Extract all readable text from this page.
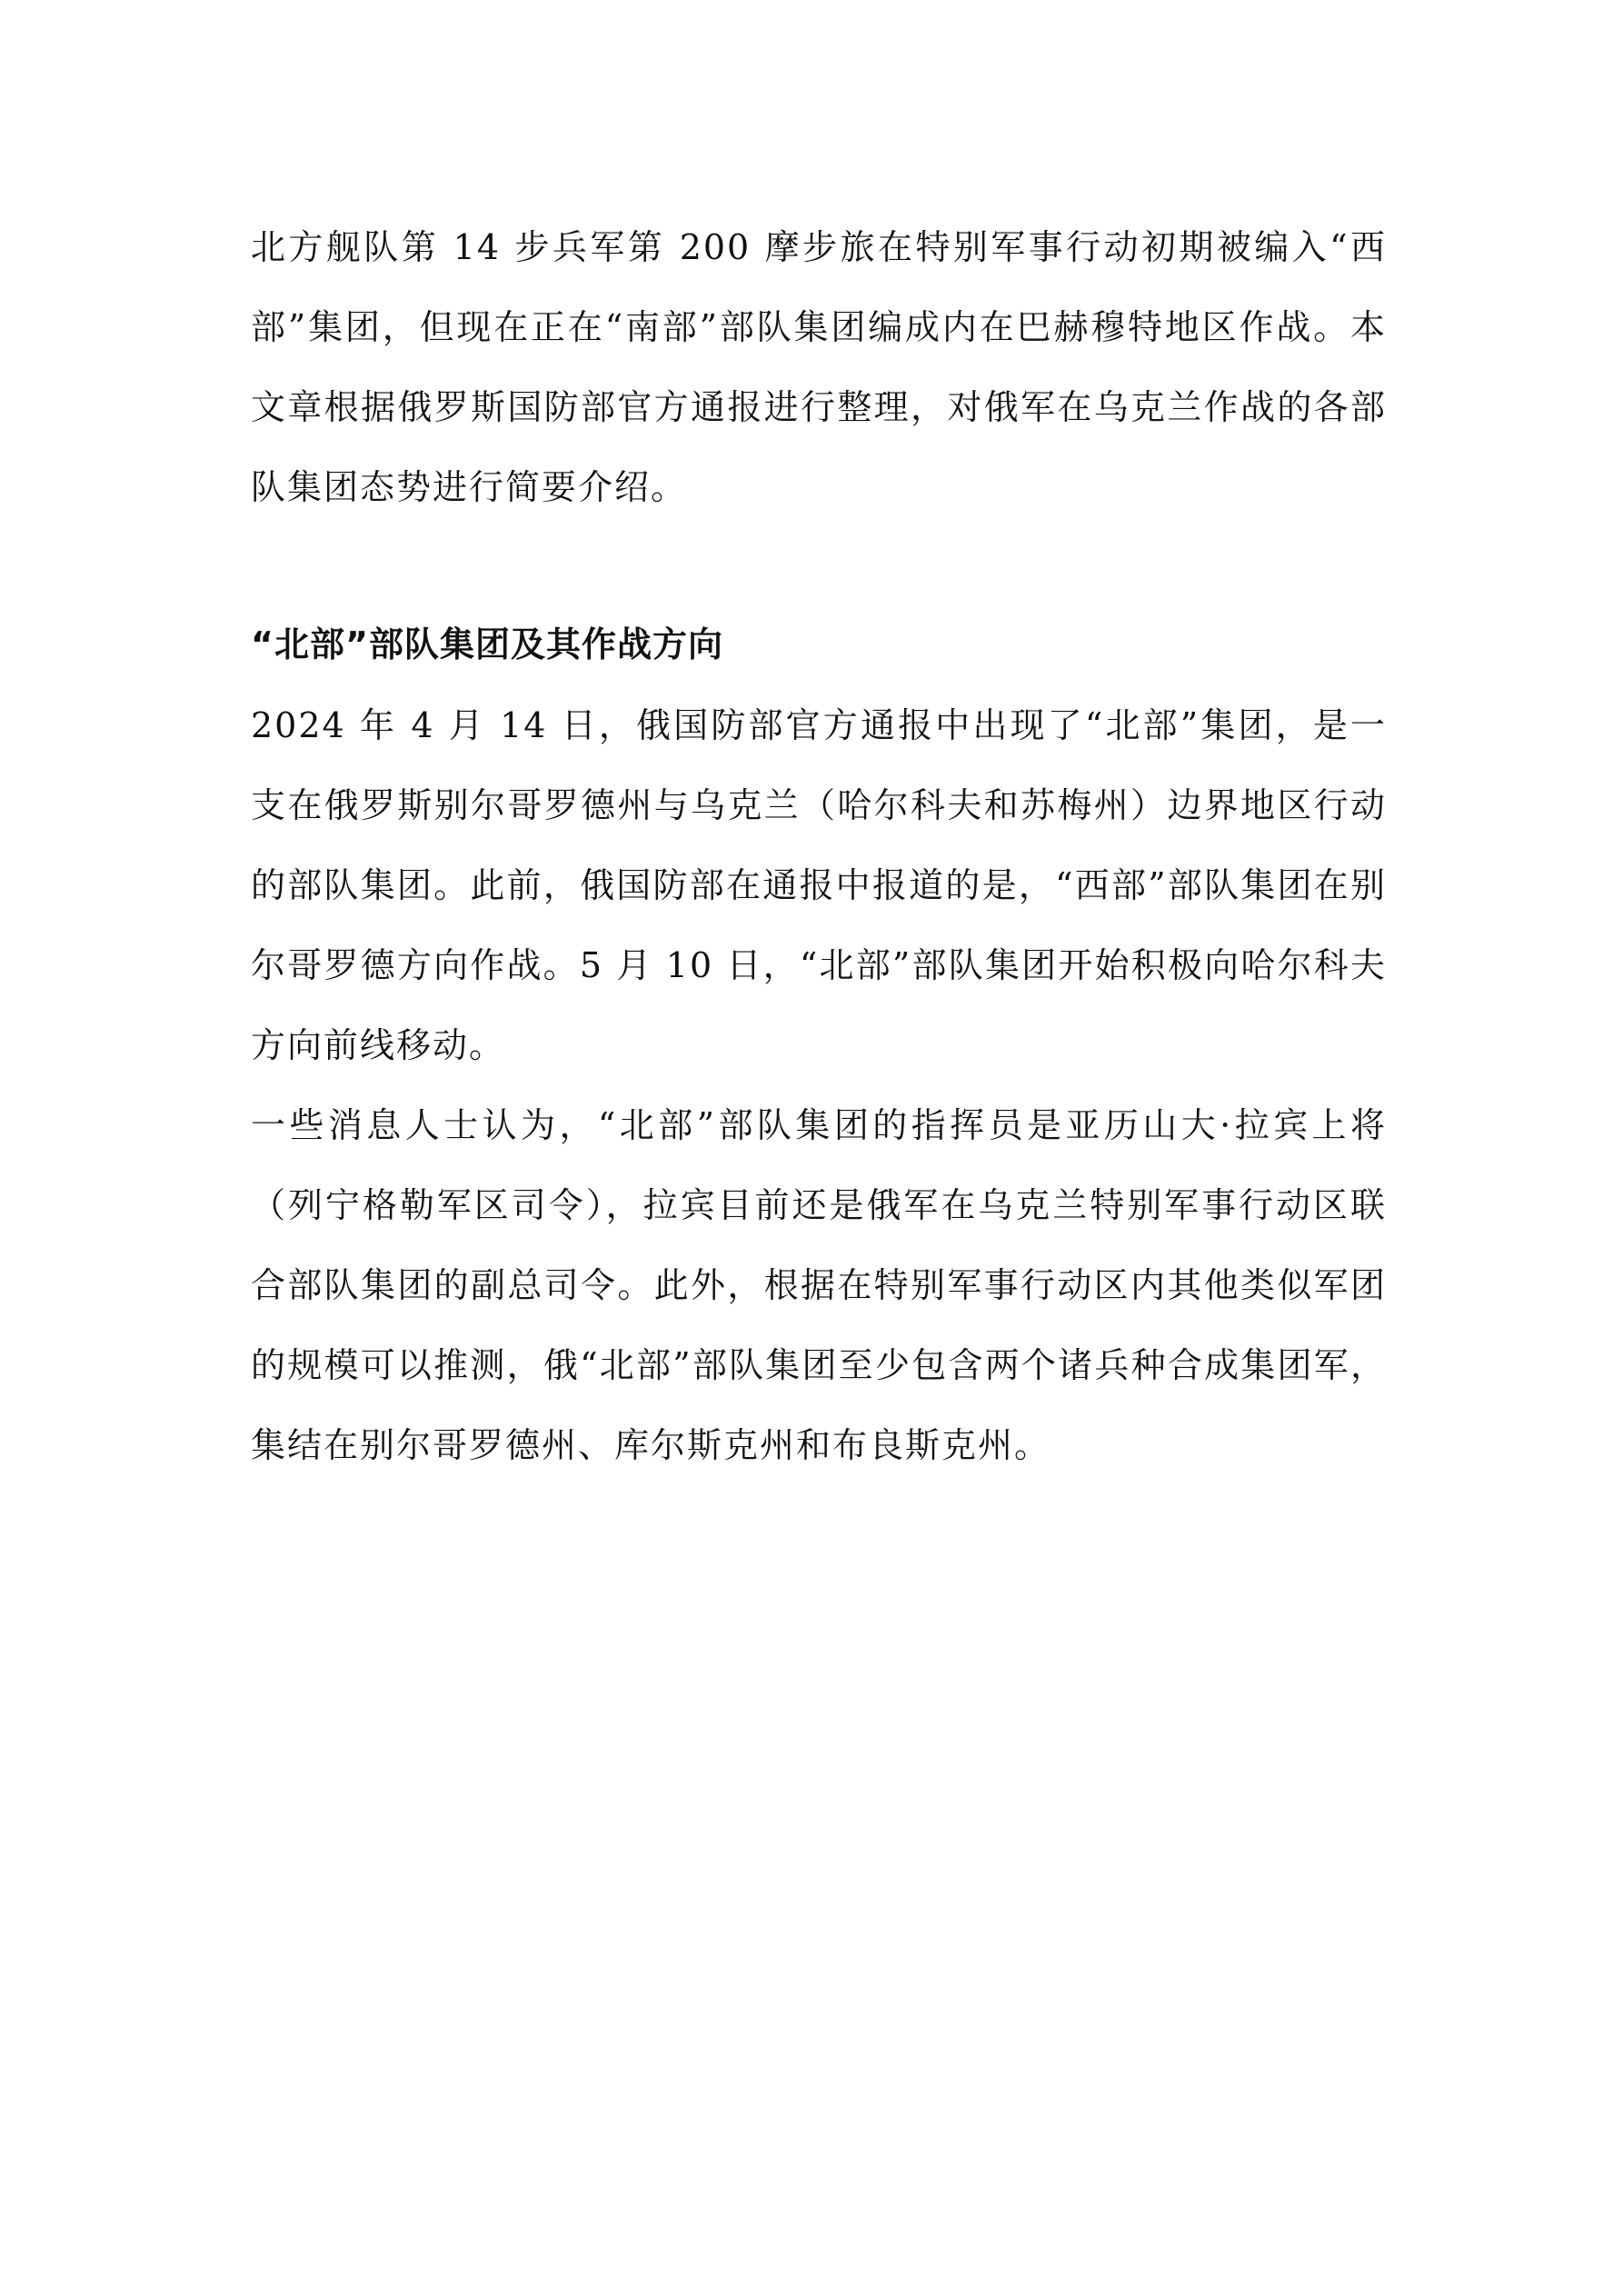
北方舰队第 14 步兵军第 200 摩步旅在特别军事行动初期被编入“西部”集团，但现在正在“南部”部队集团编成内在巴赫穆特地区作战。本文章根据俄罗斯国防部官方通报进行整理，对俄军在乌克兰作战的各部队集团态势进行简要介绍。

“北部”部队集团及其作战方向

2024 年 4 月 14 日，俄国防部官方通报中出现了“北部”集团，是一支在俄罗斯别尔哥罗德州与乌克兰（哈尔科夫和苏梅州）边界地区行动的部队集团。此前，俄国防部在通报中报道的是，“西部”部队集团在别尔哥罗德方向作战。5 月 10 日，“北部”部队集团开始积极向哈尔科夫方向前线移动。

一些消息人士认为，“北部”部队集团的指挥员是亚历山大·拉宾上将（列宁格勒军区司令），拉宾目前还是俄军在乌克兰特别军事行动区联合部队集团的副总司令。此外，根据在特别军事行动区内其他类似军团的规模可以推测，俄“北部”部队集团至少包含两个诸兵种合成集团军，集结在别尔哥罗德州、库尔斯克州和布良斯克州。
